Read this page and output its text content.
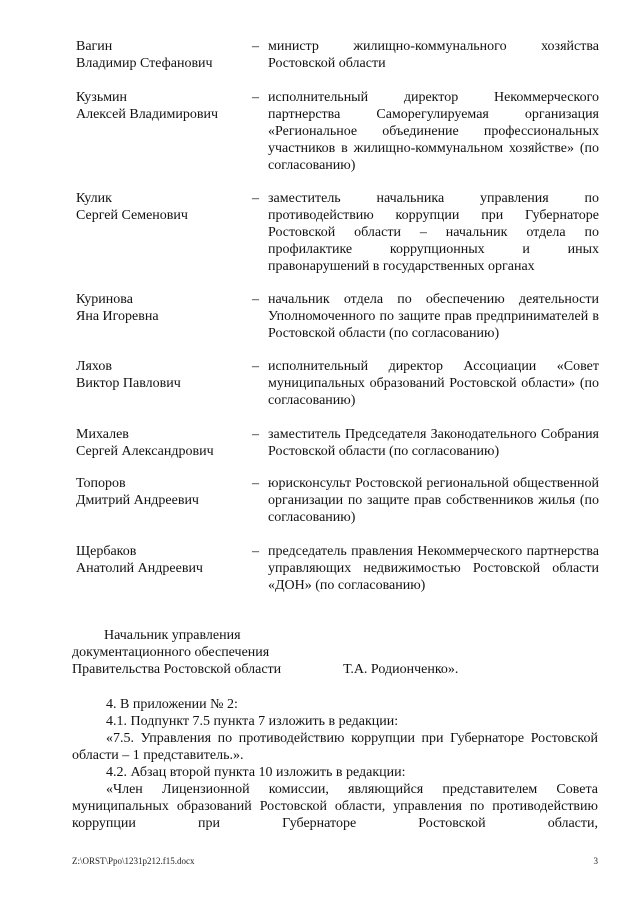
Вагин
Владимир Стефанович
– министр жилищно-коммунального хозяйства Ростовской области
Кузьмин
Алексей Владимирович
– исполнительный директор Некоммерческого партнерства Саморегулируемая организация «Региональное объединение профессиональных участников в жилищно-коммунальном хозяйстве» (по согласованию)
Кулик
Сергей Семенович
– заместитель начальника управления по противодействию коррупции при Губернаторе Ростовской области – начальник отдела по профилактике коррупционных и иных правонарушений в государственных органах
Куринова
Яна Игоревна
– начальник отдела по обеспечению деятельности Уполномоченного по защите прав предпринимателей в Ростовской области (по согласованию)
Ляхов
Виктор Павлович
– исполнительный директор Ассоциации «Совет муниципальных образований Ростовской области» (по согласованию)
Михалев
Сергей Александрович
– заместитель Председателя Законодательного Собрания Ростовской области (по согласованию)
Топоров
Дмитрий Андреевич
– юрисконсульт Ростовской региональной общественной организации по защите прав собственников жилья (по согласованию)
Щербаков
Анатолий Андреевич
– председатель правления Некоммерческого партнерства управляющих недвижимостью Ростовской области «ДОН» (по согласованию)
Начальник управления
документационного обеспечения
Правительства Ростовской области	Т.А. Родионченко».

4. В приложении № 2:

4.1. Подпункт 7.5 пункта 7 изложить в редакции:

«7.5. Управления по противодействию коррупции при Губернаторе Ростовской области – 1 представитель.».

4.2. Абзац второй пункта 10 изложить в редакции:

«Член Лицензионной комиссии, являющийся представителем Совета муниципальных образований Ростовской области, управления по противодействию коррупции при Губернаторе Ростовской области,

Z:\ORST\Ppo\1231p212.f15.docx	3
